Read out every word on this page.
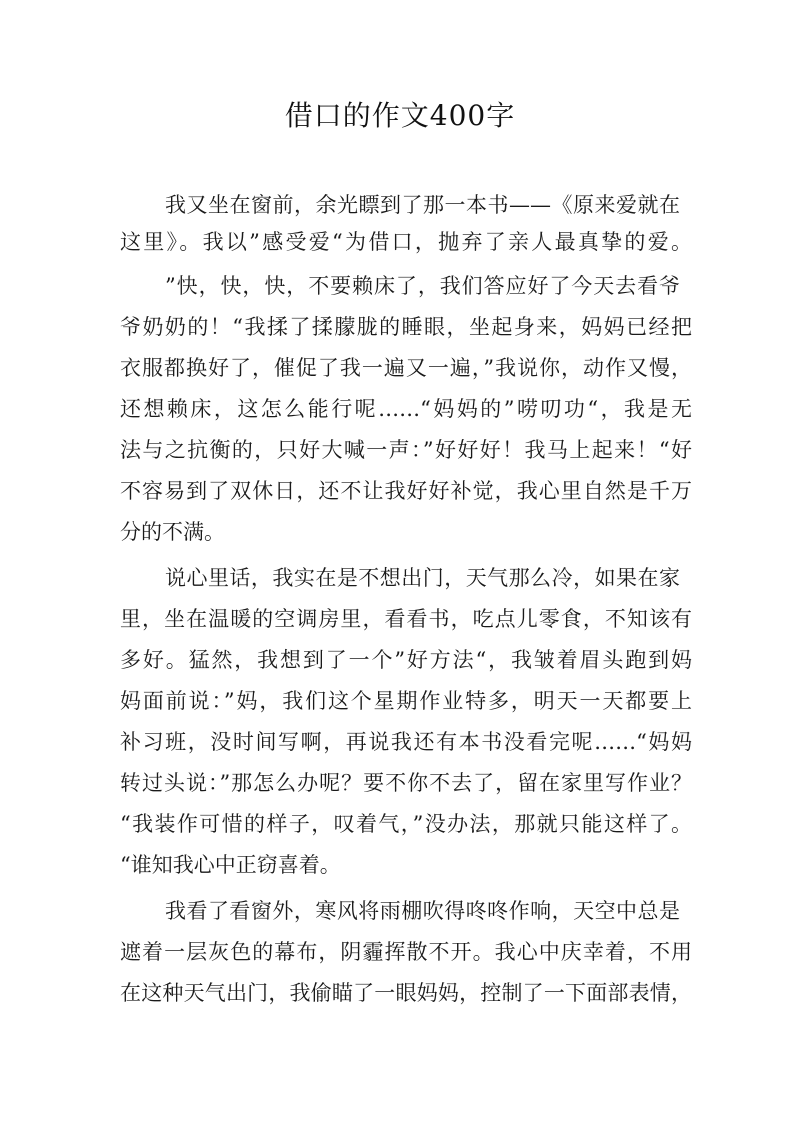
借口的作文400字
我又坐在窗前，余光瞟到了那一本书——《原来爱就在
这里》。我以”感受爱“为借口，抛弃了亲人最真挚的爱。
”快，快，快，不要赖床了，我们答应好了今天去看爷
爷奶奶的！“我揉了揉朦胧的睡眼，坐起身来，妈妈已经把
衣服都换好了，催促了我一遍又一遍，”我说你，动作又慢，
还想赖床，这怎么能行呢……“妈妈的”唠叨功“，我是无
法与之抗衡的，只好大喊一声：”好好好！我马上起来！“好
不容易到了双休日，还不让我好好补觉，我心里自然是千万
分的不满。
说心里话，我实在是不想出门，天气那么冷，如果在家
里，坐在温暖的空调房里，看看书，吃点儿零食，不知该有
多好。猛然，我想到了一个”好方法“，我皱着眉头跑到妈
妈面前说：”妈，我们这个星期作业特多，明天一天都要上
补习班，没时间写啊，再说我还有本书没看完呢……“妈妈
转过头说：”那怎么办呢？要不你不去了，留在家里写作业？
“我装作可惜的样子，叹着气，”没办法，那就只能这样了。
“谁知我心中正窃喜着。
我看了看窗外，寒风将雨棚吹得咚咚作响，天空中总是
遮着一层灰色的幕布，阴霾挥散不开。我心中庆幸着，不用
在这种天气出门，我偷瞄了一眼妈妈，控制了一下面部表情，
